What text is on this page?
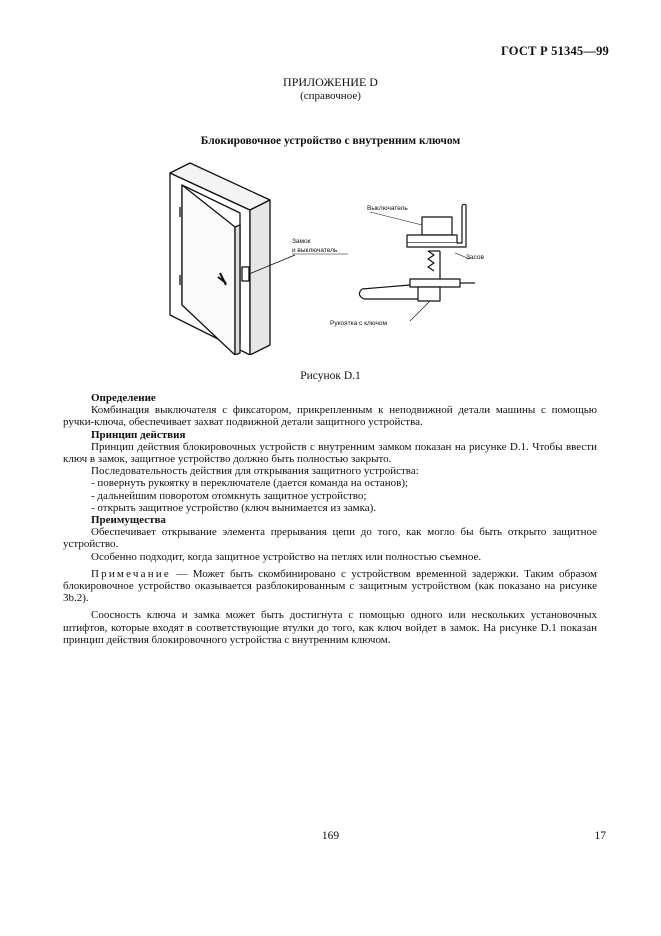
ГОСТ Р 51345—99
ПРИЛОЖЕНИЕ D
(справочное)
Блокировочное устройство с внутренним ключом
Замок
и выключатель
Выключатель
Засов
Рукоятка с ключом
Рисунок D.1
Определение
Комбинация выключателя с фиксатором, прикрепленным к неподвижной детали машины с помощью ручки-ключа, обеспечивает захват подвижной детали защитного устройства.
Принцип действия
Принцип действия блокировочных устройств с внутренним замком показан на рисунке D.1. Чтобы ввести ключ в замок, защитное устройство должно быть полностью закрыто.
Последовательность действия для открывания защитного устройства:
- повернуть рукоятку в переключателе (дается команда на останов);
- дальнейшим поворотом отомкнуть защитное устройство;
- открыть защитное устройство (ключ вынимается из замка).
Преимущества
Обеспечивает открывание элемента прерывания цепи до того, как могло бы быть открыто защитное устройство.
Особенно подходит, когда защитное устройство на петлях или полностью съемное.
Примечание — Может быть скомбинировано с устройством временной задержки. Таким образом блокировочное устройство оказывается разблокированным с защитным устройством (как показано на рисунке 3b.2).
Соосность ключа и замка может быть достигнута с помощью одного или нескольких установочных штифтов, которые входят в соответствующие втулки до того, как ключ войдет в замок. На рисунке D.1 показан принцип действия блокировочного устройства с внутренним ключом.
169	17
